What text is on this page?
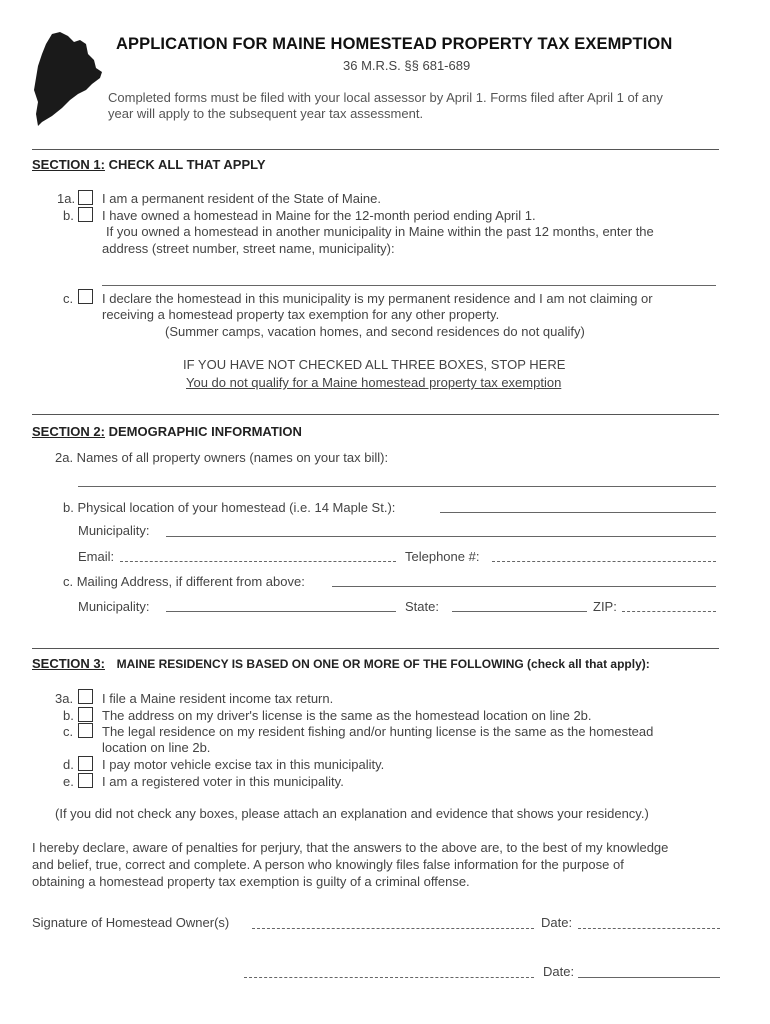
APPLICATION FOR MAINE HOMESTEAD PROPERTY TAX EXEMPTION
36 M.R.S. §§ 681-689
Completed forms must be filed with your local assessor by April 1. Forms filed after April 1 of any
year will apply to the subsequent year tax assessment.
SECTION 1: CHECK ALL THAT APPLY
1a. I am a permanent resident of the State of Maine.
b. I have owned a homestead in Maine for the 12-month period ending April 1.
If you owned a homestead in another municipality in Maine within the past 12 months, enter the
address (street number, street name, municipality):
c. I declare the homestead in this municipality is my permanent residence and I am not claiming or
receiving a homestead property tax exemption for any other property.
(Summer camps, vacation homes, and second residences do not qualify)
IF YOU HAVE NOT CHECKED ALL THREE BOXES, STOP HERE
You do not qualify for a Maine homestead property tax exemption
SECTION 2: DEMOGRAPHIC INFORMATION
2a. Names of all property owners (names on your tax bill):
b. Physical location of your homestead (i.e. 14 Maple St.):
Municipality:
Email:	Telephone #:
c. Mailing Address, if different from above:
Municipality:	State:	ZIP:
SECTION 3: MAINE RESIDENCY IS BASED ON ONE OR MORE OF THE FOLLOWING (check all that apply):
3a. I file a Maine resident income tax return.
b. The address on my driver's license is the same as the homestead location on line 2b.
c. The legal residence on my resident fishing and/or hunting license is the same as the homestead
location on line 2b.
d. I pay motor vehicle excise tax in this municipality.
e. I am a registered voter in this municipality.
(If you did not check any boxes, please attach an explanation and evidence that shows your residency.)
I hereby declare, aware of penalties for perjury, that the answers to the above are, to the best of my knowledge
and belief, true, correct and complete. A person who knowingly files false information for the purpose of
obtaining a homestead property tax exemption is guilty of a criminal offense.
Signature of Homestead Owner(s)	Date:
Date:
